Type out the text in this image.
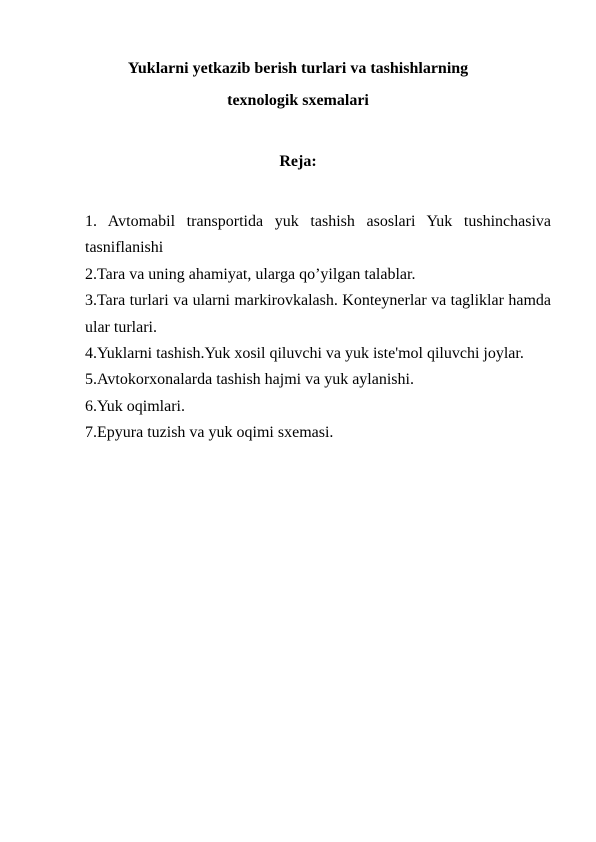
Yuklarni yetkazib berish turlari va tashishlarning
texnologik sxemalari
Reja:
1. Avtomabil transportida yuk tashish asoslari Yuk tushinchasiva tasniflanishi
2.Tara va uning ahamiyat, ularga qo’yilgan talablar.
3.Tara turlari va ularni markirovkalash. Konteynerlar va tagliklar hamda ular turlari.
4.Yuklarni tashish.Yuk xosil qiluvchi va yuk iste'mol qiluvchi joylar.
5.Avtokorxonalarda tashish hajmi va yuk aylanishi.
6.Yuk oqimlari.
7.Epyura tuzish va yuk oqimi sxemasi.
